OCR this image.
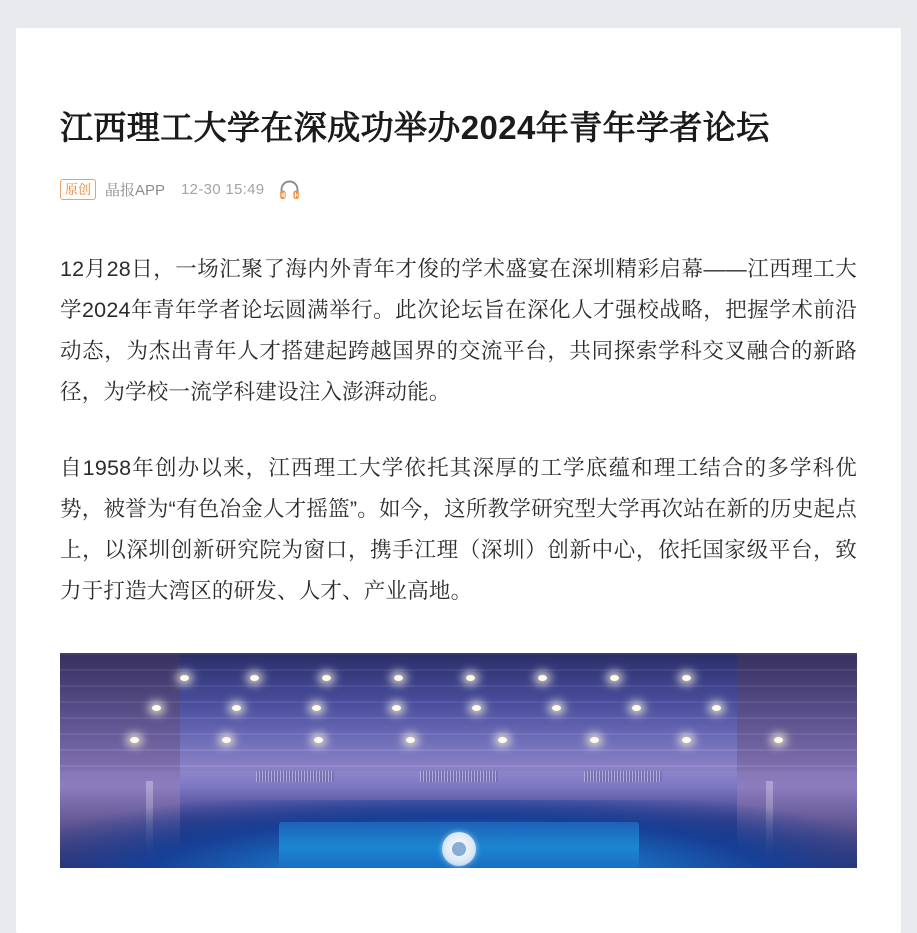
江西理工大学在深成功举办2024年青年学者论坛
原创 晶报APP 12-30 15:49

12月28日，一场汇聚了海内外青年才俊的学术盛宴在深圳精彩启幕——江西理工大学2024年青年学者论坛圆满举行。此次论坛旨在深化人才强校战略，把握学术前沿动态，为杰出青年人才搭建起跨越国界的交流平台，共同探索学科交叉融合的新路径，为学校一流学科建设注入澎湃动能。

自1958年创办以来，江西理工大学依托其深厚的工学底蕴和理工结合的多学科优势，被誉为“有色冶金人才摇篮”。如今，这所教学研究型大学再次站在新的历史起点上，以深圳创新研究院为窗口，携手江理（深圳）创新中心，依托国家级平台，致力于打造大湾区的研发、人才、产业高地。
